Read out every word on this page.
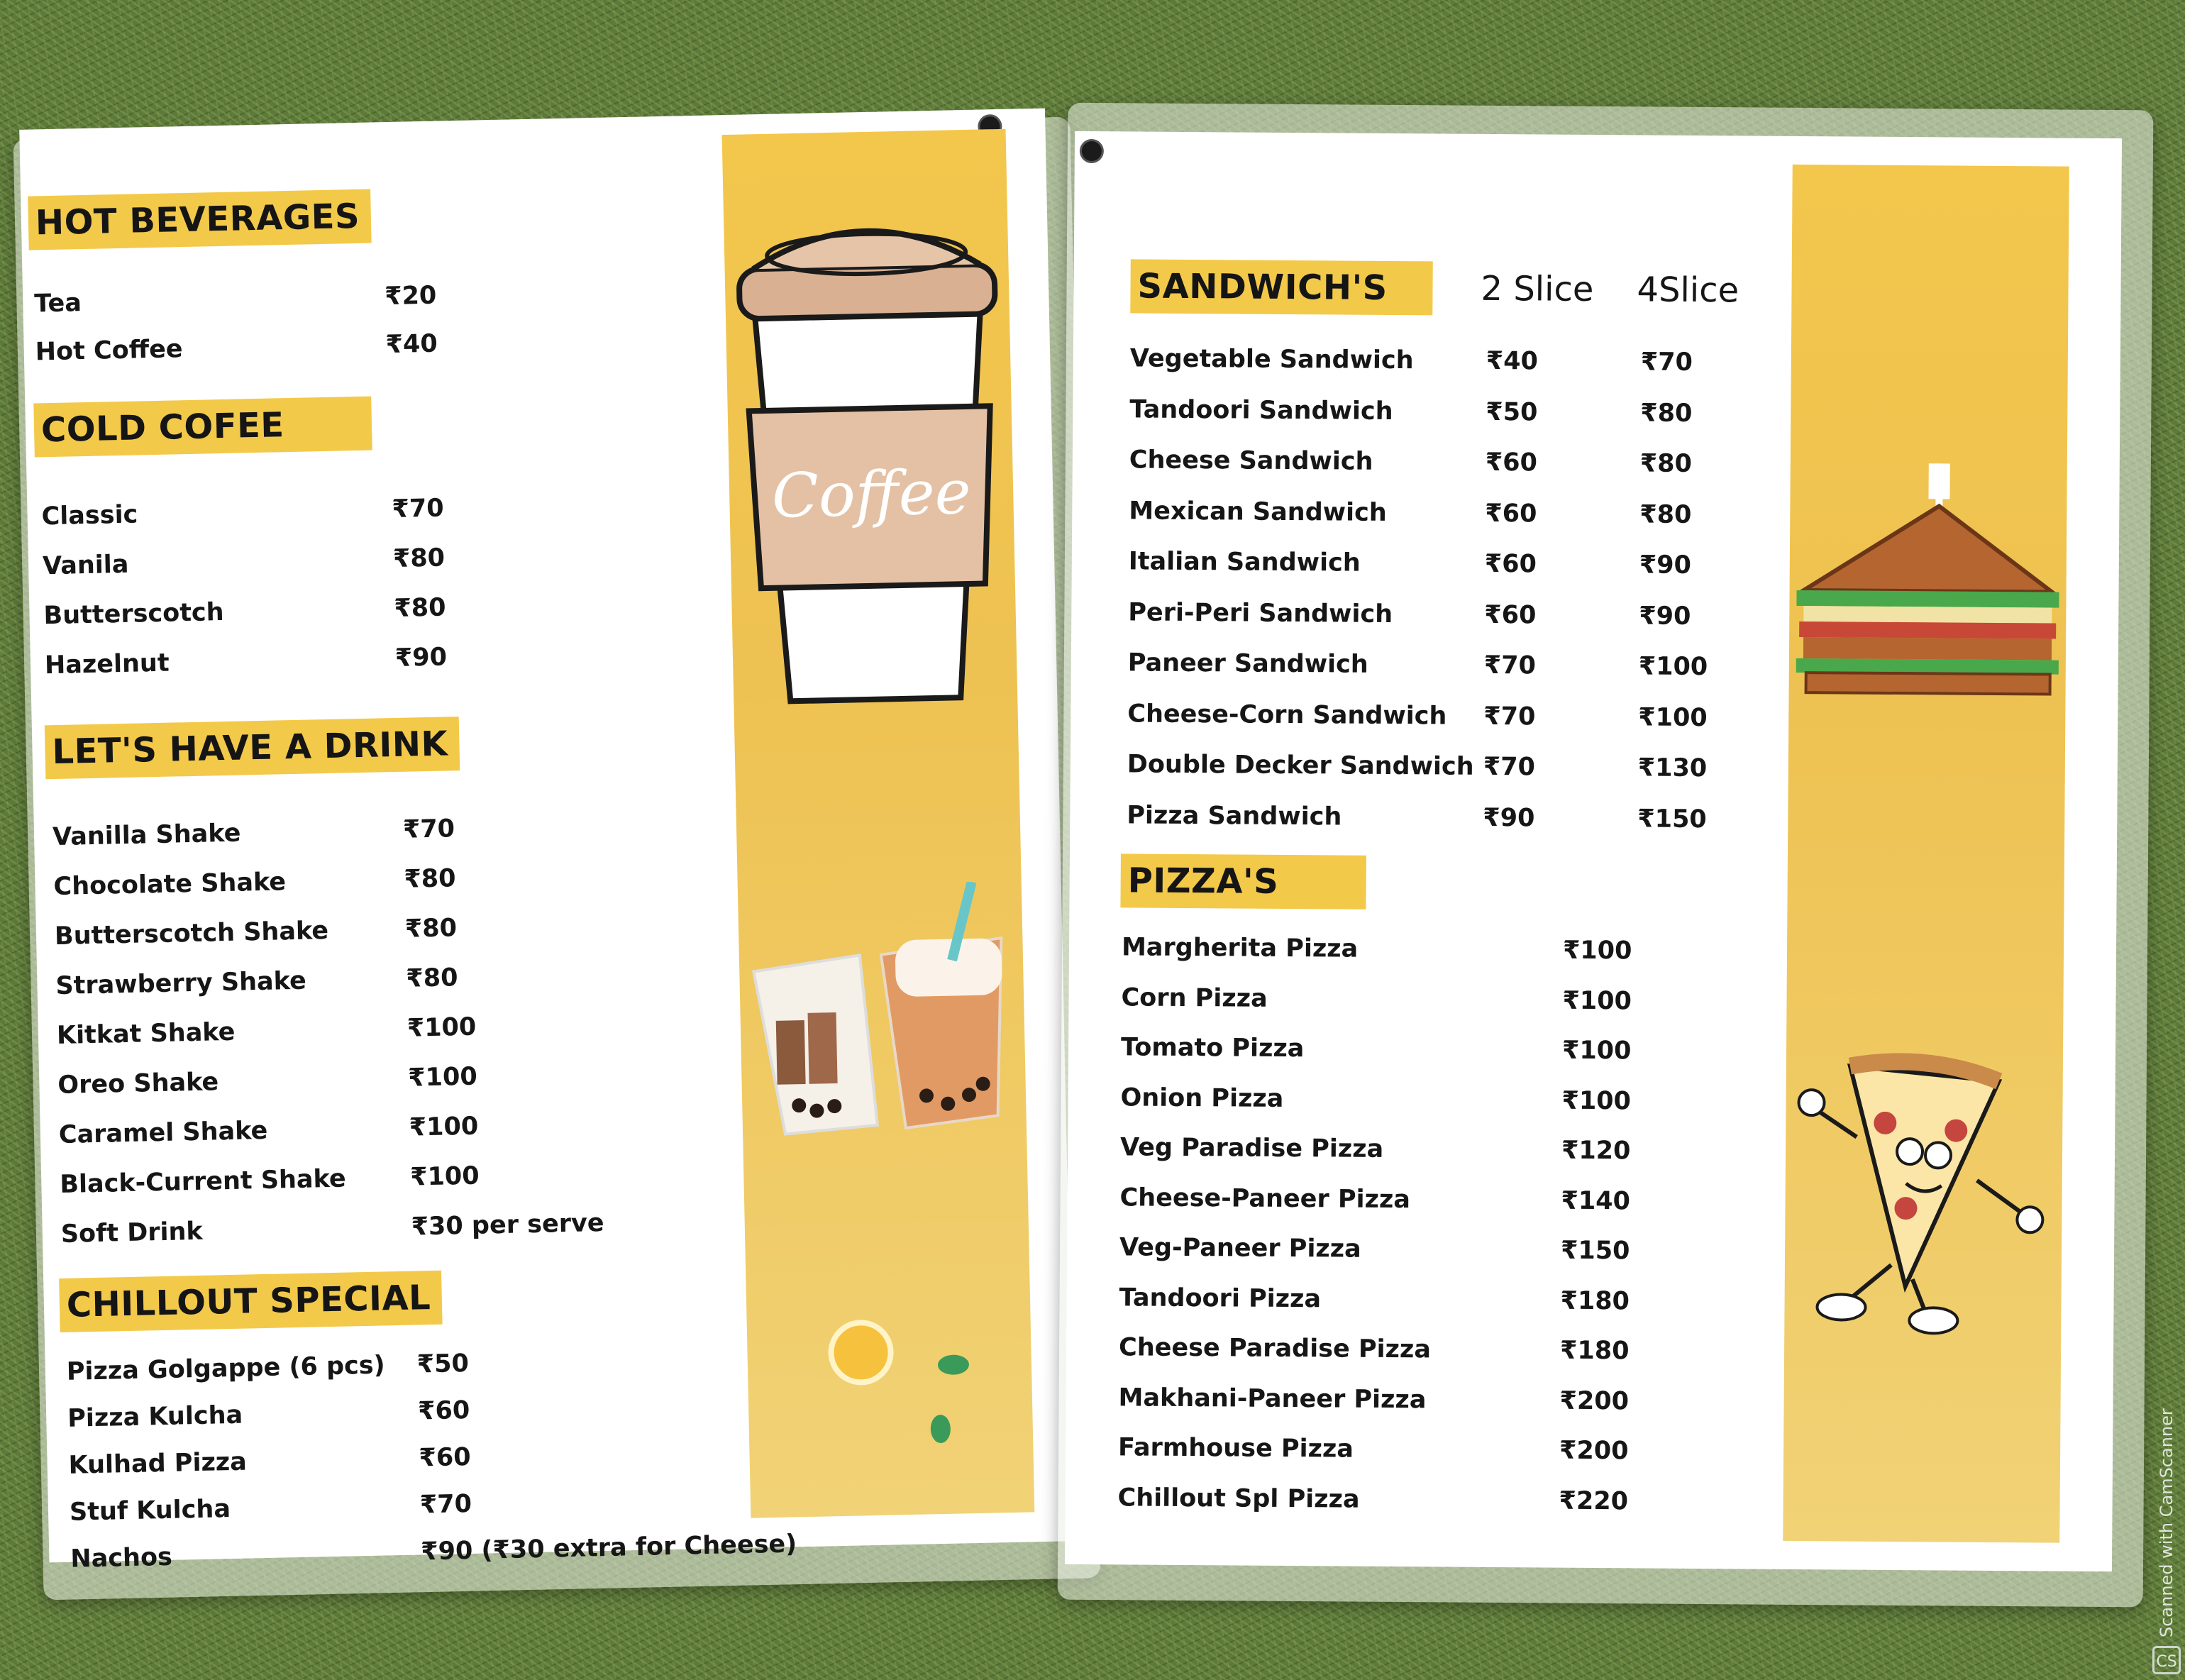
Coffee
HOT BEVERAGES
Tea	₹20
Hot Coffee	₹40
COLD COFEE
Classic	₹70
Vanila	₹80
Butterscotch	₹80
Hazelnut	₹90
LET'S HAVE A DRINK
Vanilla Shake	₹70
Chocolate Shake	₹80
Butterscotch Shake	₹80
Strawberry Shake	₹80
Kitkat Shake	₹100
Oreo Shake	₹100
Caramel Shake	₹100
Black-Current Shake	₹100
Soft Drink	₹30 per serve
CHILLOUT SPECIAL
Pizza Golgappe (6 pcs) ₹50
Pizza Kulcha	₹60
Kulhad Pizza	₹60
Stuf Kulcha	₹70
Nachos	₹90 (₹30 extra for Cheese)
SANDWICH'S	2 Slice 4Slice
Vegetable Sandwich	₹40	₹70
Tandoori Sandwich	₹50	₹80
Cheese Sandwich	₹60	₹80
Mexican Sandwich	₹60	₹80
Italian Sandwich	₹60	₹90
Peri-Peri Sandwich	₹60	₹90
Paneer Sandwich	₹70	₹100
Cheese-Corn Sandwich ₹70	₹100
Double Decker Sandwich ₹70	₹130
Pizza Sandwich	₹90	₹150
PIZZA'S
Margherita Pizza	₹100
Corn Pizza	₹100
Tomato Pizza	₹100
Onion Pizza	₹100
Veg Paradise Pizza	₹120
Cheese-Paneer Pizza	₹140
Veg-Paneer Pizza	₹150
Tandoori Pizza	₹180
Cheese Paradise Pizza	₹180
Makhani-Paneer Pizza	₹200
Farmhouse Pizza	₹200
Chillout Spl Pizza	₹220	Scanned with CamScanner
CS
